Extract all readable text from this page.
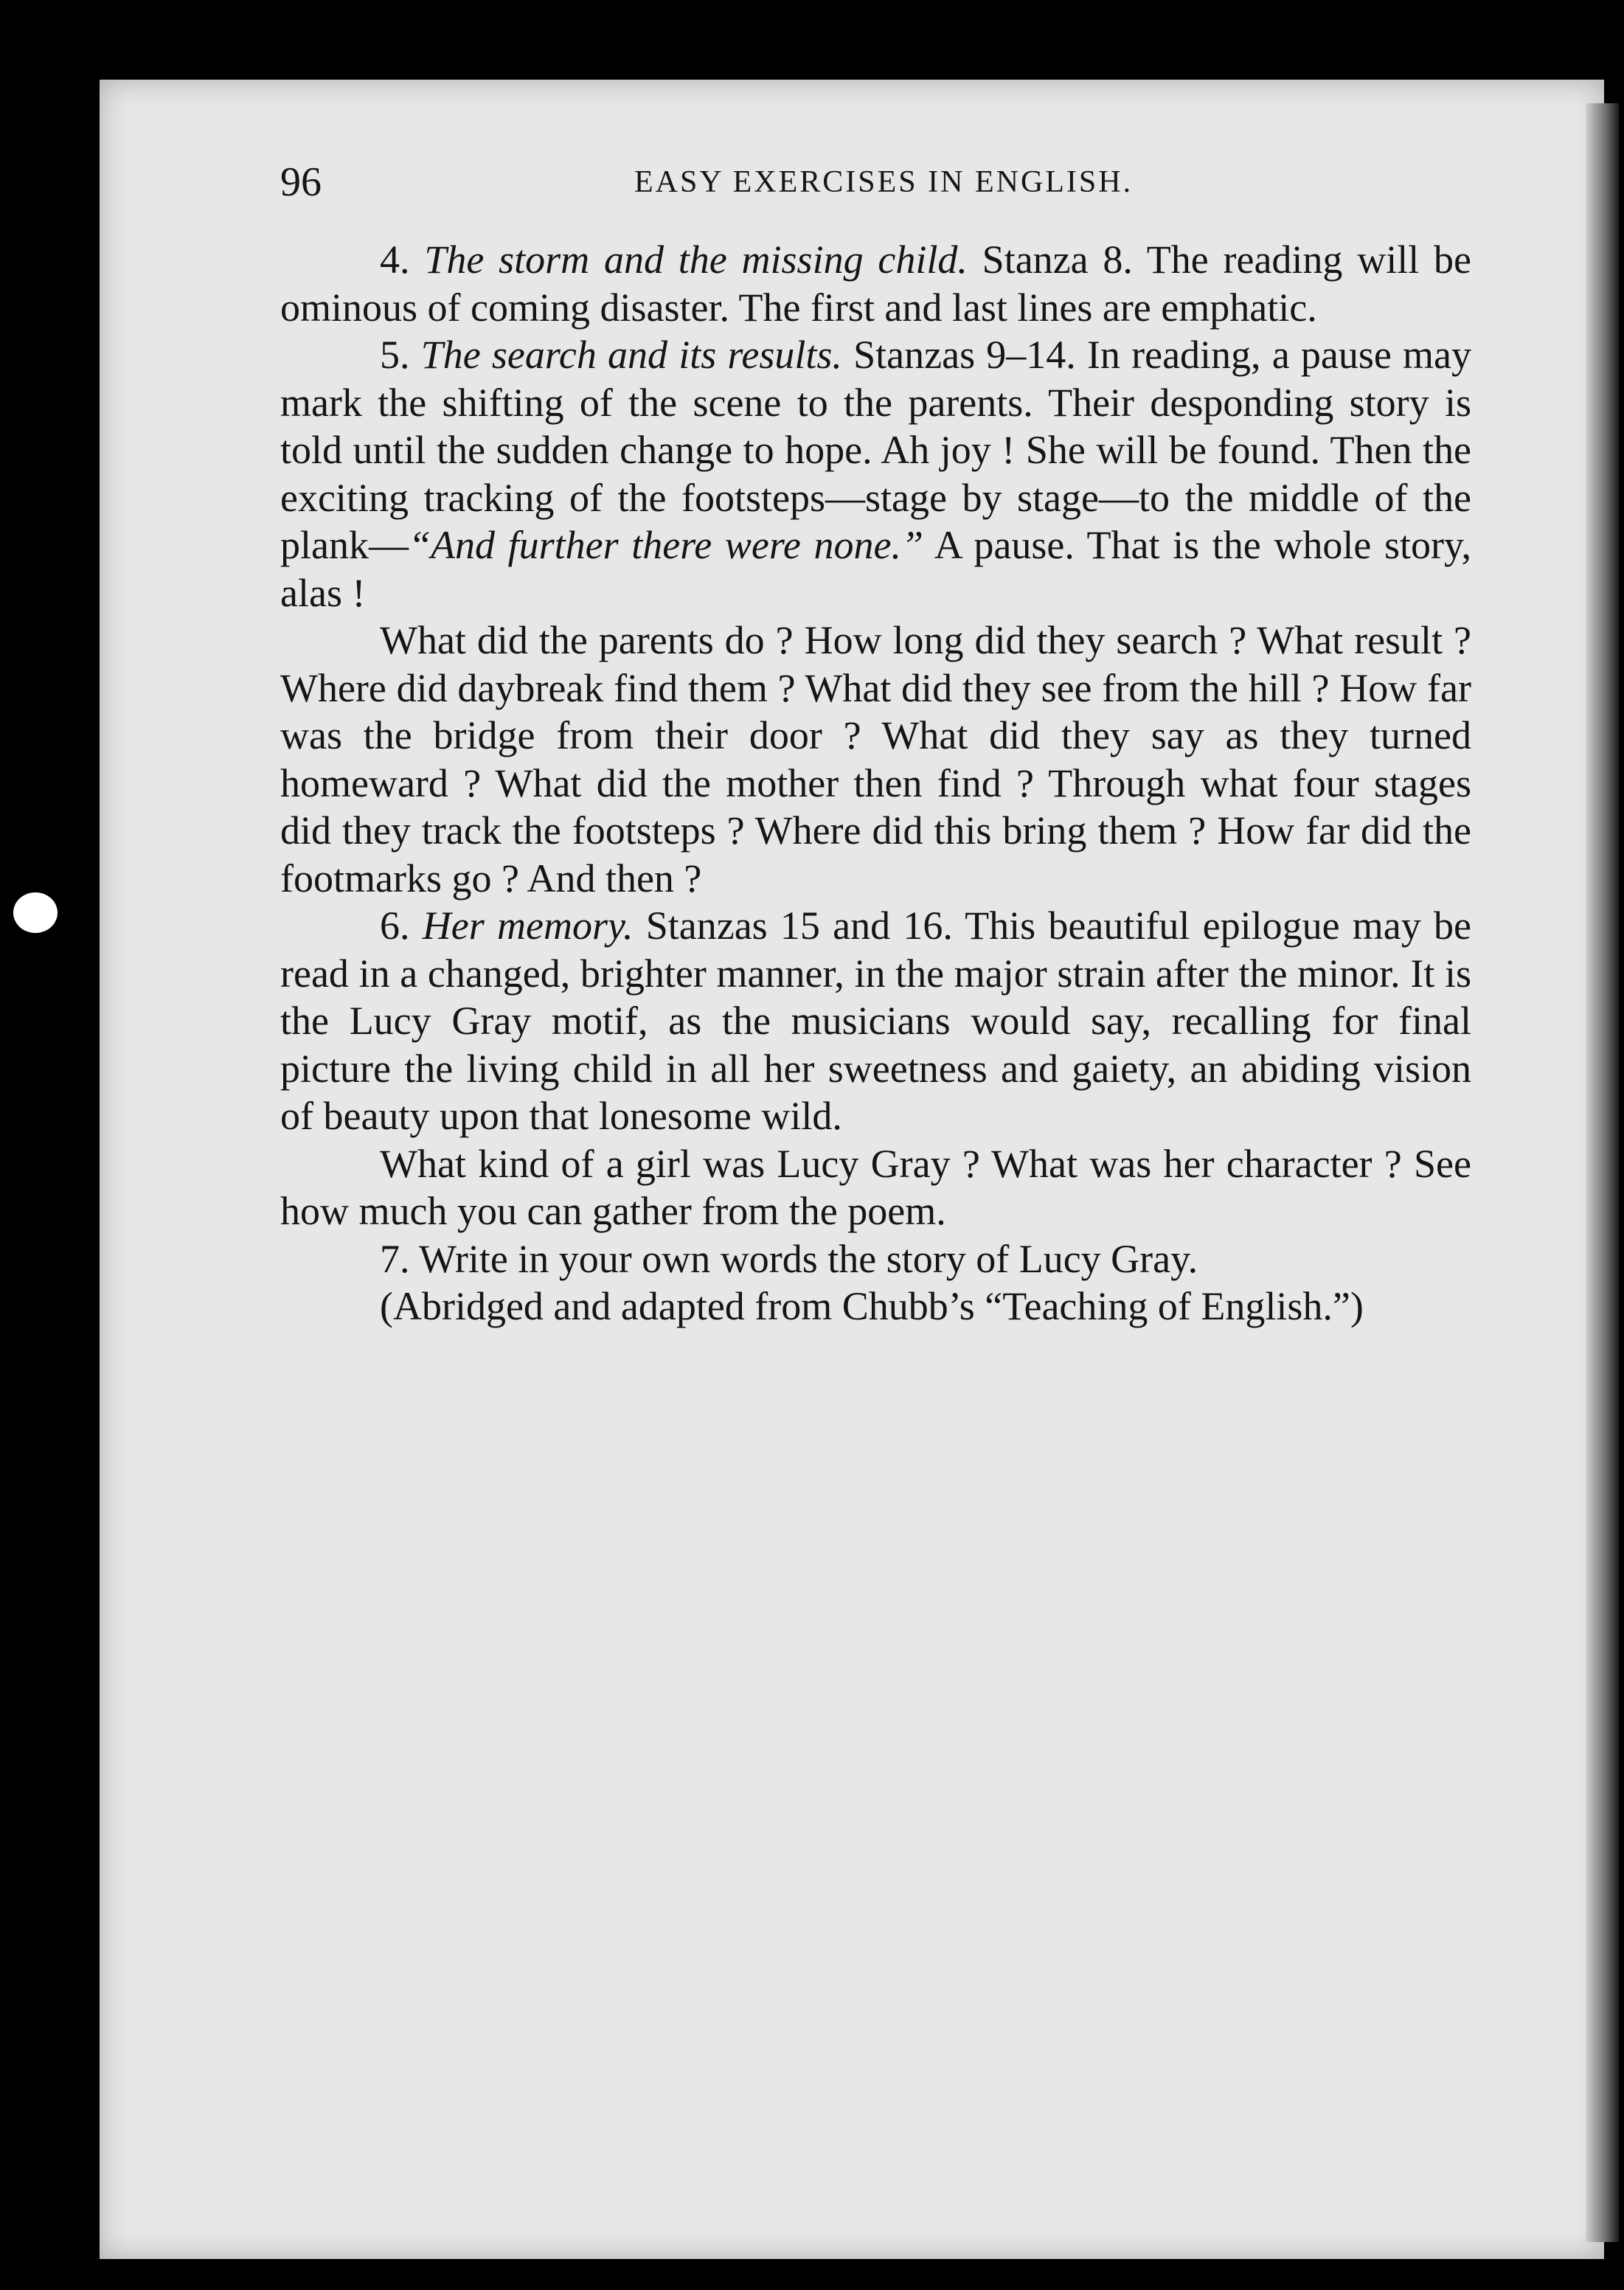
96	EASY EXERCISES IN ENGLISH.

4. The storm and the missing child. Stanza 8. The reading will be ominous of coming disaster. The first and last lines are emphatic.

5. The search and its results. Stanzas 9–14. In reading, a pause may mark the shifting of the scene to the parents. Their desponding story is told until the sudden change to hope. Ah joy ! She will be found. Then the exciting tracking of the footsteps—stage by stage—to the middle of the plank—“And further there were none.” A pause. That is the whole story, alas !

What did the parents do ? How long did they search ? What result ? Where did daybreak find them ? What did they see from the hill ? How far was the bridge from their door ? What did they say as they turned homeward ? What did the mother then find ? Through what four stages did they track the footsteps ? Where did this bring them ? How far did the footmarks go ? And then ?

6. Her memory. Stanzas 15 and 16. This beautiful epilogue may be read in a changed, brighter manner, in the major strain after the minor. It is the Lucy Gray motif, as the musicians would say, recalling for final picture the living child in all her sweetness and gaiety, an abiding vision of beauty upon that lonesome wild.

What kind of a girl was Lucy Gray ? What was her character ? See how much you can gather from the poem.

7. Write in your own words the story of Lucy Gray.

(Abridged and adapted from Chubb’s “Teaching of English.”)
